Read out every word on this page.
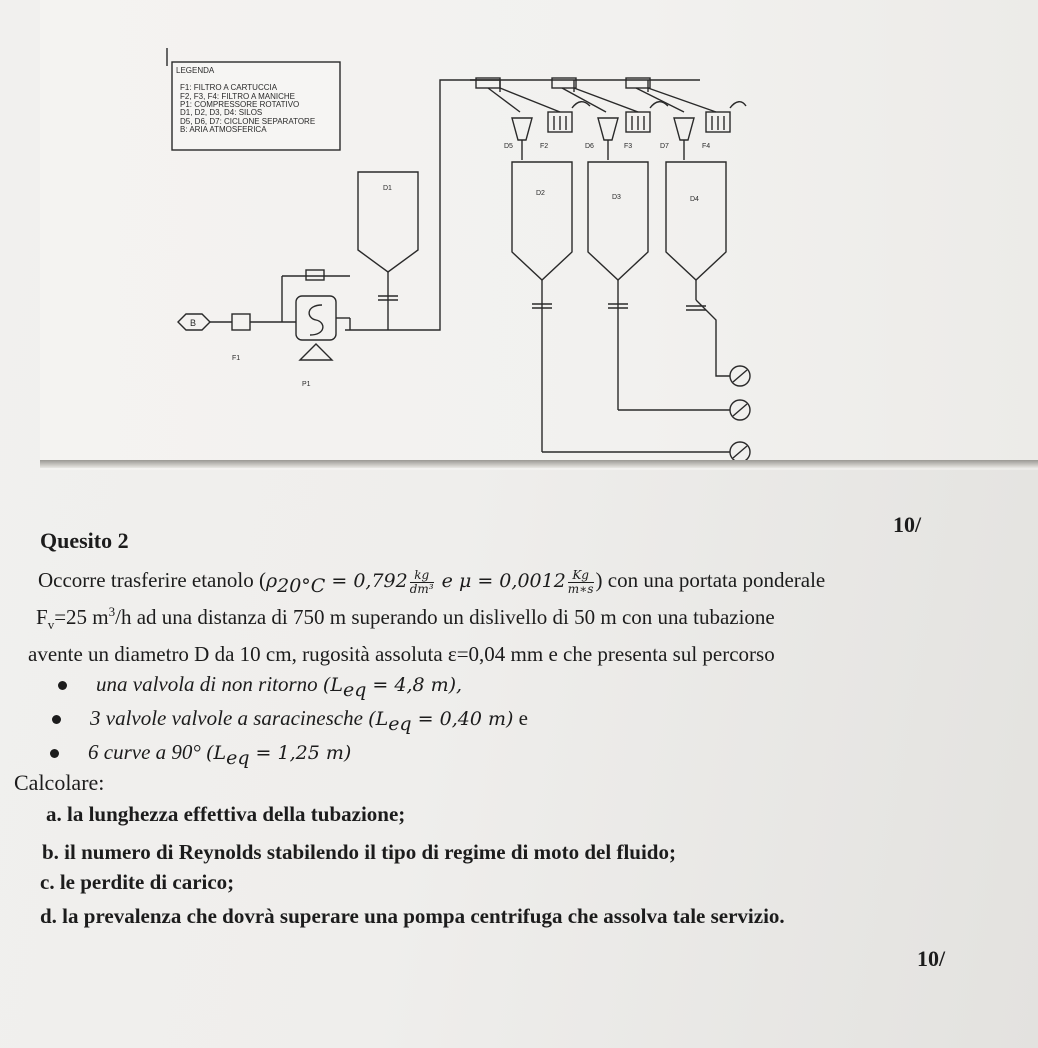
LEGENDA
F1: FILTRO A CARTUCCIA
F2, F3, F4: FILTRO A MANICHE
P1: COMPRESSORE ROTATIVO
D1, D2, D3, D4: SILOS
D5, D6, D7: CICLONE SEPARATORE
B: ARIA ATMOSFERICA
B
F1
P1
D1
D2
D3	D4
D5	D6	D7
F2	F3	F4
10/
Quesito 2
Occorre trasferire etanolo ($\rho_{20^\circ C} = 0,792 \frac{kg}{\text{dm³}}$ e $\mu = 0,0012 \frac{Kg}{m∗s}$ ) con una portata ponderale
$F_v=25$ $m^3/h$ ad una distanza di 750 m superando un dislivello di 50 m con una tubazione
avente un diametro D da 10 cm, rugosità assoluta ε=0,04 mm e che presenta sul percorso
una valvola di non ritorno ($L_{eq} = 4,8$ m),
3 valvole valvole a saracinesche ($L_{eq} = 0,40$ m) e
6 curve a 90° ($L_{eq} = 1,25$ m)
Calcolare:
a. la lunghezza effettiva della tubazione;
b. il numero di Reynolds stabilendo il tipo di regime di moto del fluido;
c. le perdite di carico;
d. la prevalenza che dovrà superare una pompa centrifuga che assolva tale servizio.
10/
